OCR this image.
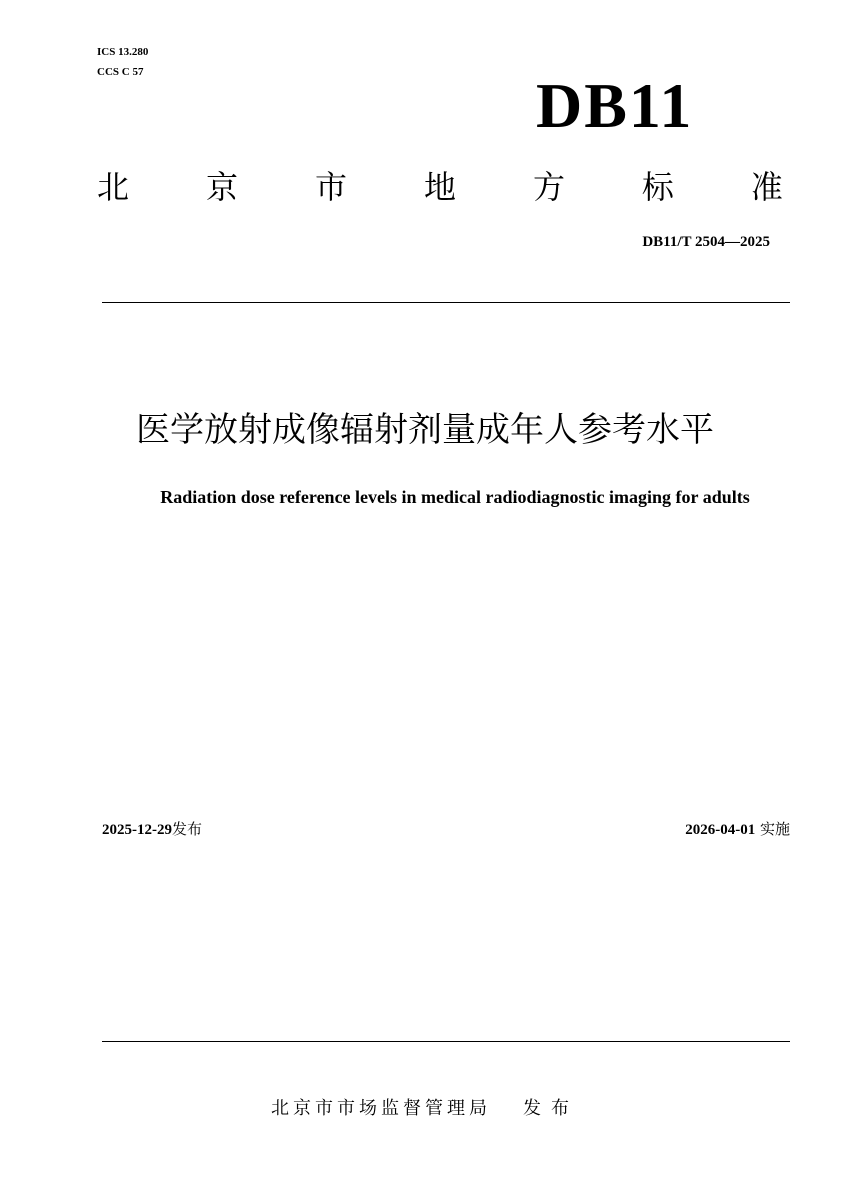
ICS 13.280
CCS C 57	DB11
北 京 市 地 方 标 准
DB11/T 2504—2025
医学放射成像辐射剂量成年人参考水平
Radiation dose reference levels in medical radiodiagnostic imaging for adults
2025-12-29发布	2026-04-01 实施
北京市市场监督管理局 发布
